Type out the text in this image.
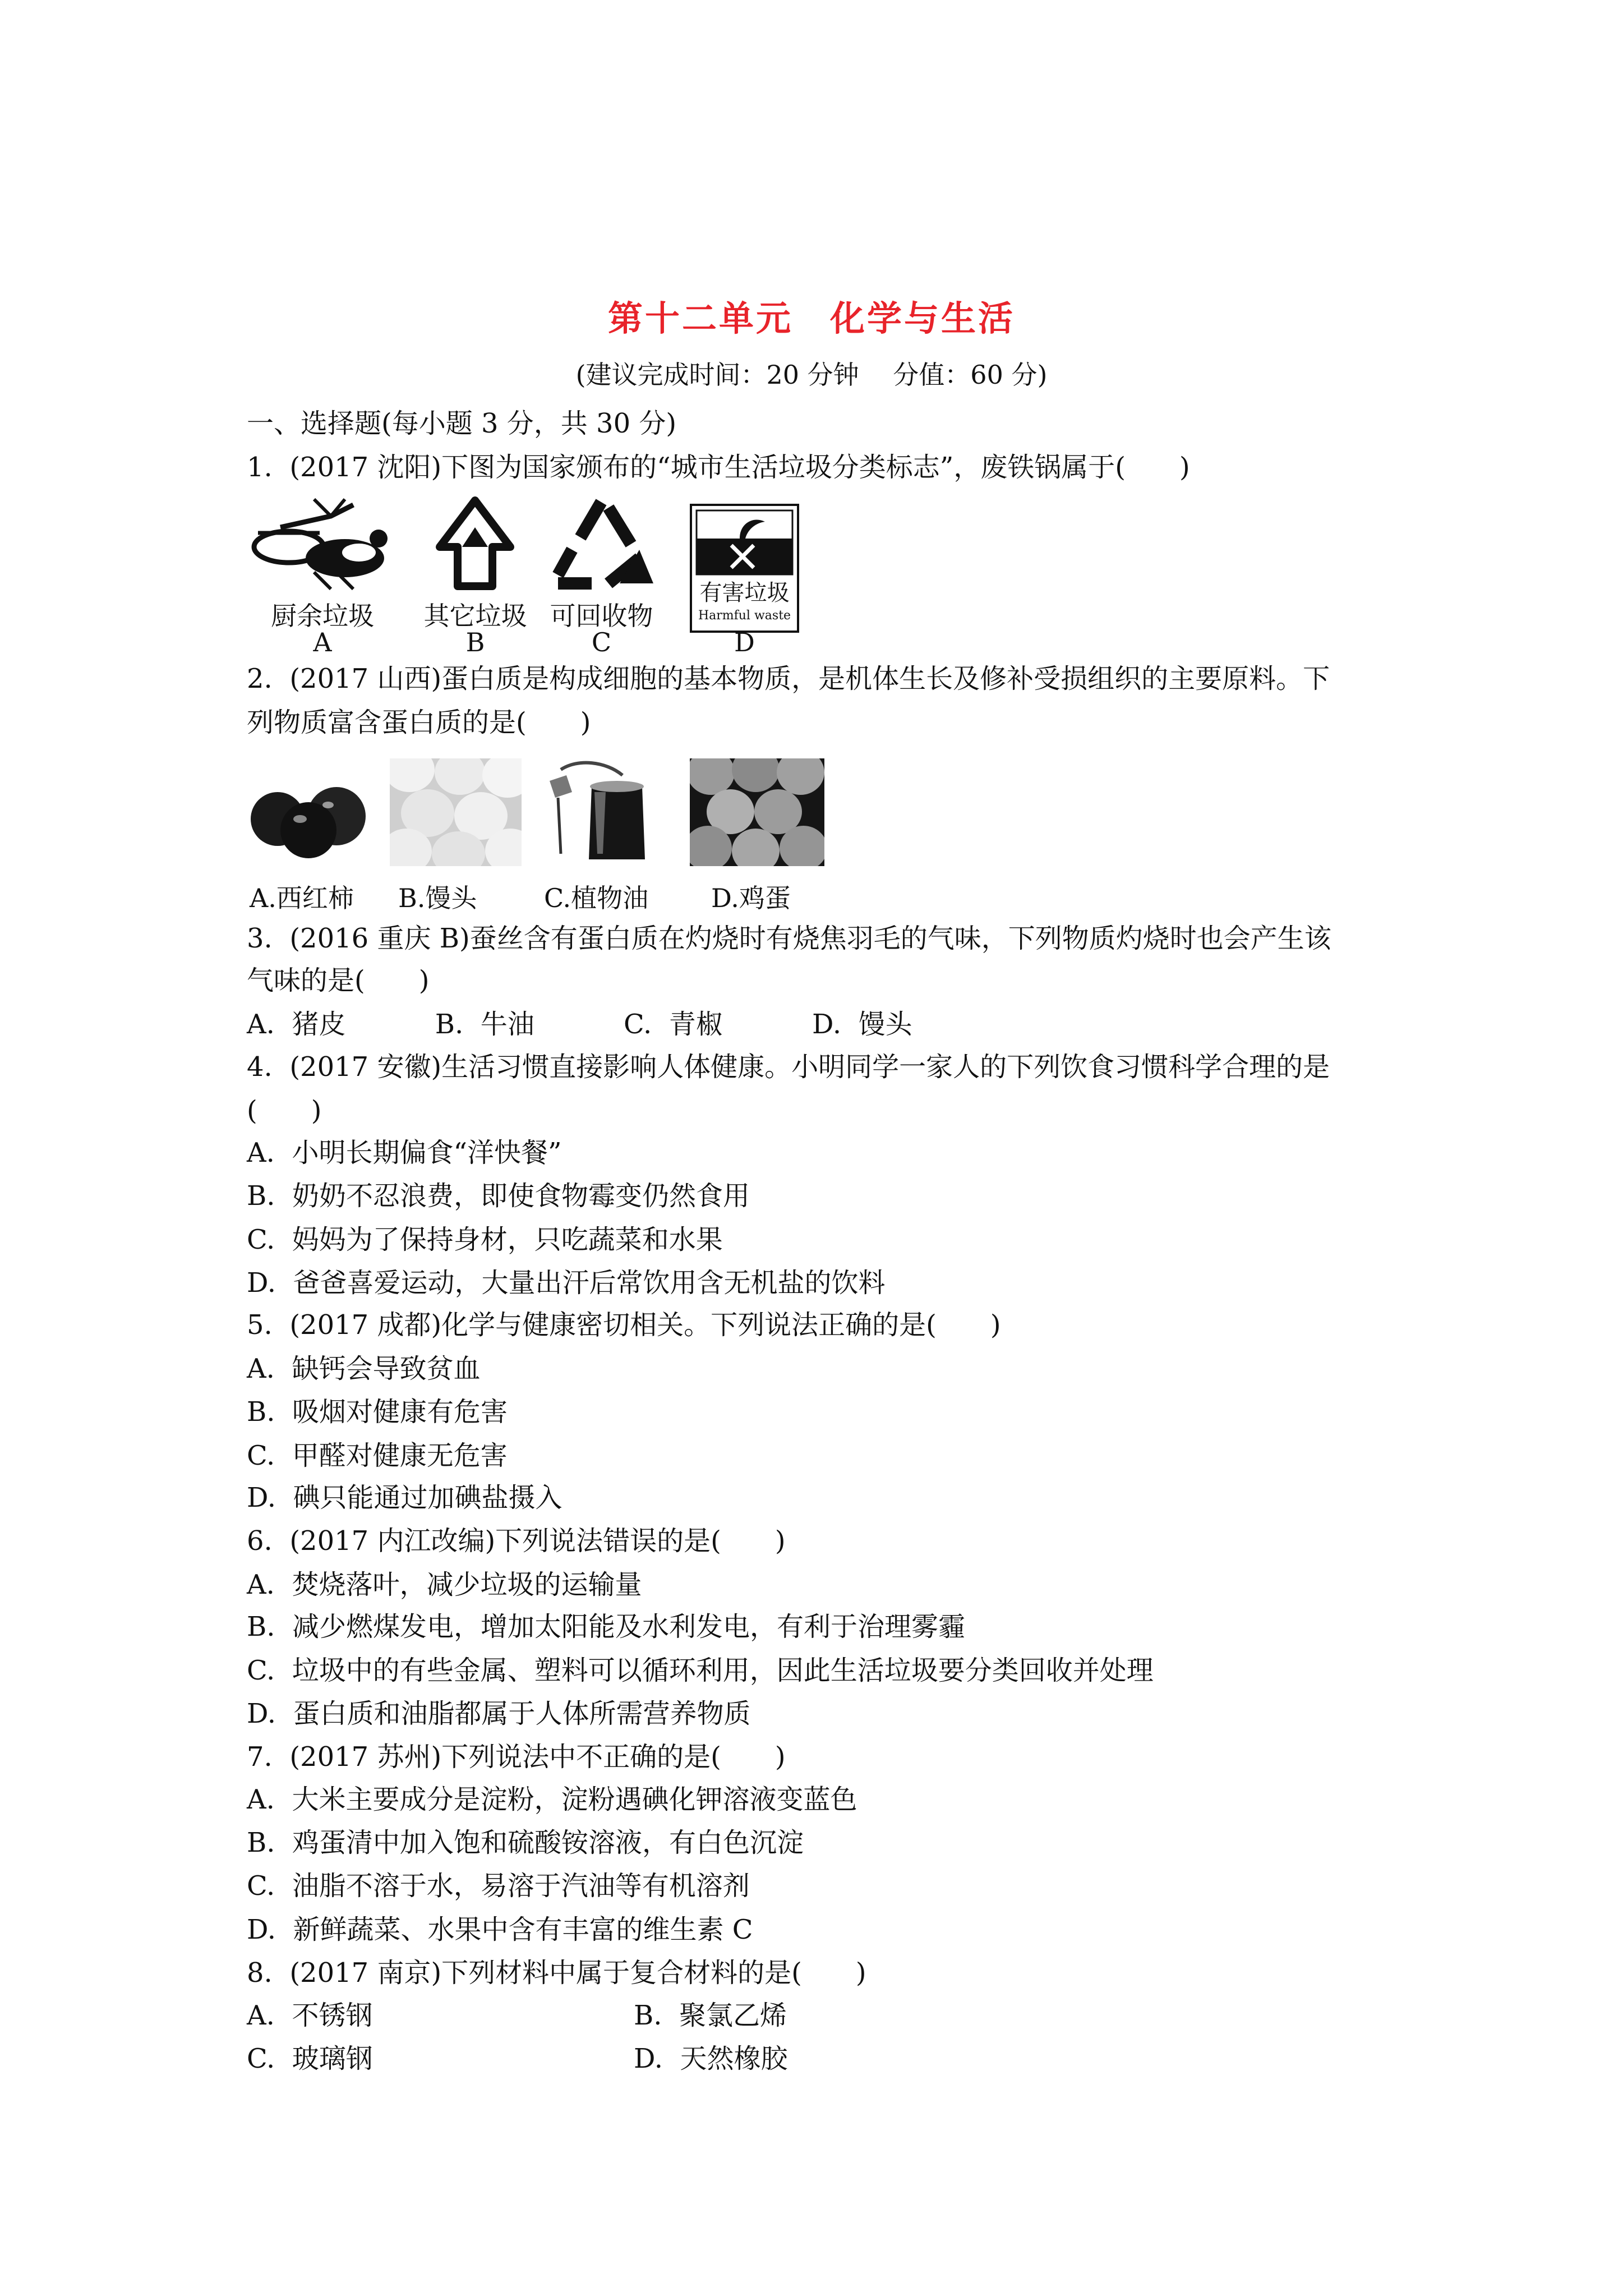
第十二单元　化学与生活
(建议完成时间：20 分钟　 分值：60 分)
一、选择题(每小题 3 分，共 30 分)
1.  (2017 沈阳)下图为国家颁布的“城市生活垃圾分类标志”，废铁锅属于(　　)
厨余垃圾
A
其它垃圾
B
可回收物
C
有害垃圾
Harmful waste
D
2.  (2017 山西)蛋白质是构成细胞的基本物质，是机体生长及修补受损组织的主要原料。下
列物质富含蛋白质的是(　　)
A.西红柿	B.馒头	C.植物油	D.鸡蛋
3.  (2016 重庆 B)蚕丝含有蛋白质在灼烧时有烧焦羽毛的气味，下列物质灼烧时也会产生该
气味的是(　　)
A.  猪皮　　　 B.  牛油　　　 C.  青椒　　　 D.  馒头
4.  (2017 安徽)生活习惯直接影响人体健康。小明同学一家人的下列饮食习惯科学合理的是
(　　)
A.  小明长期偏食“洋快餐”
B.  奶奶不忍浪费，即使食物霉变仍然食用
C.  妈妈为了保持身材，只吃蔬菜和水果
D.  爸爸喜爱运动，大量出汗后常饮用含无机盐的饮料
5.  (2017 成都)化学与健康密切相关。下列说法正确的是(　　)
A.  缺钙会导致贫血
B.  吸烟对健康有危害
C.  甲醛对健康无危害
D.  碘只能通过加碘盐摄入
6.  (2017 内江改编)下列说法错误的是(　　)
A.  焚烧落叶，减少垃圾的运输量
B.  减少燃煤发电，增加太阳能及水利发电，有利于治理雾霾
C.  垃圾中的有些金属、塑料可以循环利用，因此生活垃圾要分类回收并处理
D.  蛋白质和油脂都属于人体所需营养物质
7.  (2017 苏州)下列说法中不正确的是(　　)
A.  大米主要成分是淀粉，淀粉遇碘化钾溶液变蓝色
B.  鸡蛋清中加入饱和硫酸铵溶液，有白色沉淀
C.  油脂不溶于水，易溶于汽油等有机溶剂
D.  新鲜蔬菜、水果中含有丰富的维生素 C
8.  (2017 南京)下列材料中属于复合材料的是(　　)
A.  不锈钢	B.  聚氯乙烯
C.  玻璃钢	D.  天然橡胶
